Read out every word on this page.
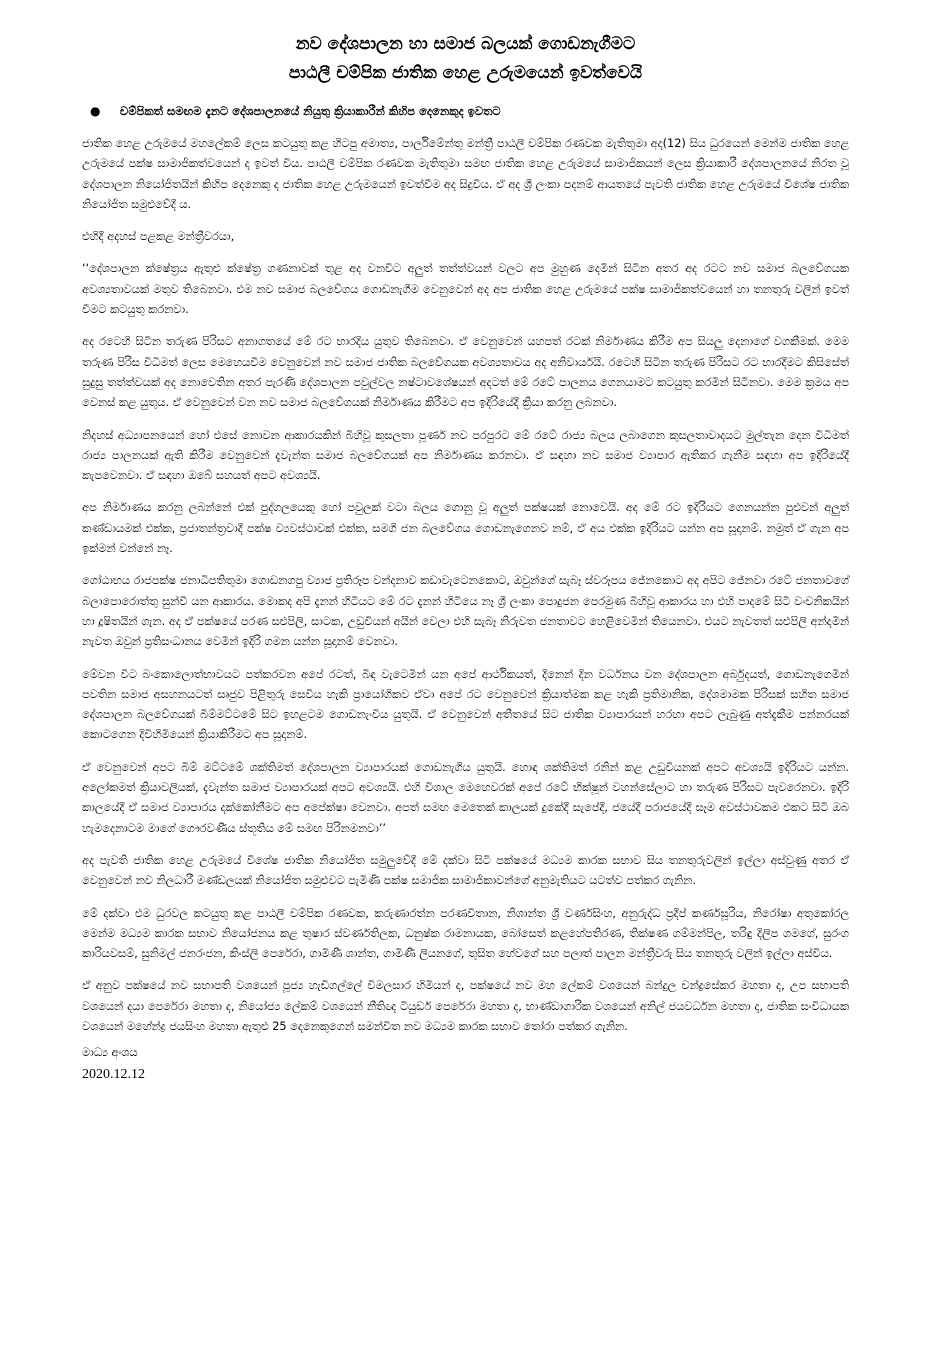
නව දේශපාලන හා සමාජ බලයක් ගොඩනැගීමට
පාඨලී චම්පික ජාතික හෙළ උරුමයෙන් ඉවත්වෙයි
●	චම්පිකත් සමඟම දැනට දේශපාලනයේ නියුතු ක්‍රියාකාරීන් කිහිප දෙනෙකුද ඉවතට

ජාතික හෙළ උරුමයේ මහලේකම් ලෙස කටයුතු කළ හිටපු අමාත්‍ය, පාර්ලිමේන්තු මන්ත්‍රී පාඨලී චම්පික රණවක මැතිතුමා අද(12) සිය ධුරයෙන් මෙන්ම ජාතික හෙළ උරුමයේ පක්ෂ සාමාජිකත්වයෙන් ද ඉවත් විය. පාඨලී චම්පික රණවක මැතිතුමා සමඟ ජාතික හෙළ උරුමයේ සාමාජිකයන් ලෙස ක්‍රියාකාරී දේශපාලනයේ නිරත වූ දේශපාලන නියෝජිතයින් කිහිප දෙනෙකු ද ජාතික හෙළ උරුමයෙන් ඉවත්වීම අද සිදුවිය. ඒ අද ශ්‍රී ලංකා පදනම් ආයතයේ පැවති ජාතික හෙළ උරුමයේ විශේෂ ජාතික නියෝජිත සමුළුවේදී ය.

එහිදී අදහස් පළකළ මන්ත්‍රීවරයා,

‘‘දේශපාලන ක්ෂේත්‍රය ඇතුළු ක්ෂේත්‍ර ගණනාවක් තුළ අද වනවිට අලුත් තත්ත්වයන් වලට අප මුහුණ දෙමින් සිටින අතර අද රටට නව සමාජ බලවේගයක අවශ්‍යතාවයක් මතුව තිබෙනවා. එම නව සමාජ බලවේගය ගොඩනැගීම වෙනුවෙන් අද අප ජාතික හෙළ උරුමයේ පක්ෂ සාමාජිකත්වයෙන් හා තනතුරු වලින් ඉවත් වීමට කටයුතු කරනවා.

අද රටෙහි සිටින තරුණ පිරිසට අනාගතයේ මේ රට භාරදිය යුතුව තිබෙනවා. ඒ වෙනුවෙන් යහපත් රටක් නිර්මාණය කිරීම අප සියලු දෙනාගේ වගකීමක්. මෙම තරුණ පිරිස විධිමත් ලෙස මෙහෙයවීම වෙනුවෙන් නව සමාජ ජාතික බලවේගයක අවශ්‍යතාවය අද අනිවාර්යයි. රටෙහි සිටින තරුණ පිරිසට රට භාරදීමට කිසිසේත් සුදුසු තත්ත්වයක් අද නොවෙතින අතර පැරණි දේශපාලන පවුල්වල නෂ්ටාවශේෂයන් අදටත් මේ රටේ පාලනය ගෙනයාමට කටයුතු කරමින් සිටිනවා. මෙම ක්‍රමය අප වෙනස් කළ යුතුය. ඒ වෙනුවෙන් වන නව සමාජ බලවේගයක් නිර්මාණය කිරීමට අප ඉදිරියේදී ක්‍රියා කරනු ලබනවා.

නිදහස් අධ්‍යාපනයෙන් හෝ එසේ නොවන ආකාරයකින් බිහිවූ කුසලතා පූර්ණ නව පරපුරට මේ රටේ රාජ්‍ය බලය ලබාගෙන කුසලතාවාදයට මුල්තැන දෙන විධිමත් රාජ්‍ය පාලනයක් ඇති කිරීම වෙනුවෙන් දැවැන්ත සමාජ බලවේගයක් අප නිර්මාණය කරනවා. ඒ සඳහා නව සමාජ ව්‍යාපාර ඇතිකර ගැනීම සඳහා අප ඉදිරියේදී කැපවෙනවා. ඒ සඳහා ඔබේ සහයත් අපට අවශ්‍යයි.

අප නිර්මාණය කරනු ලබන්නේ එක් පුද්ගලයෙකු හෝ පවුලක් වටා බලය ගොනු වූ අලුත් පක්ෂයක් නොවෙයි. අද මේ රට ඉදිරියට ගෙනයන්න පුළුවන් අලුත් කණ්ඩායමක් එක්ක, ප්‍රජාතන්ත්‍රවාදී පක්ෂ ව්‍යවස්ථාවක් එක්ක, සමගි ජන බලවේගය ගොඩනැගෙනව නම්, ඒ අය එක්ක ඉදිරියට යන්න අප සූදානම්. නමුත් ඒ ගැන අප ඉක්මන් වන්නේ නෑ.

ගෝඨාභය රාජපක්ෂ ජනාධිපතිතුමා ගොඩනගපු ව්‍යාජ ප්‍රතිරූප වන්දනාව කඩාවැටෙනකොට, ඔවුන්ගේ සැබෑ ස්වරූපය ජේනකොට අද අපිට ජේනවා රටේ ජනතාවගේ බලාපොරොත්තු සුන්වී යන ආකාරය. මොකද අපි දැනන් හිටියට මේ රට දැනන් හිටියෙ නෑ ශ්‍රී ලංකා පොදුජන පෙරමුණ බිහිවූ ආකාරය හා එහි පාදමේ සිටි වංචනිකයින් හා දූෂිතයින් ගැන. අද ඒ පක්ෂයේ පරණ සළුපිලි, සාටක, උඩුවියන් අයින් වෙලා එහි සැබෑ නිරුවත ජනතාවට හෙළිවෙමින් තියෙනවා. එයට නැවතත් සළුපිලි අන්දමින් නැවත ඔවුන් ප්‍රතිසංධානය වෙමින් ඉදිරි ගමන යන්න සූදානම් වෙනවා.

මේවන විට බංකොලොත්භාවයට පත්කරවන අපේ රටත්, බිඳ වැටෙමින් යන අපේ ආර්ථිකයත්, දිනෙන් දින වර්ධනය වන දේශපාලන අර්බුදයත්, ගොඩනැගෙමින් පවතින සමාජ අසහනයටත් සෘජුව පිළිතුරු සෙවිය හැකි ප්‍රායෝගිකව ඒවා අපේ රට වෙනුවෙන් ක්‍රියාත්මක කළ හැකි ප්‍රතිමානික, දේශමාමක පිරිසක් සහිත සමාජ දේශපාලන බලවේගයක් බිම්මට්ටමේ සිට ඉහළටම ගොඩනැංවිය යුතුයි. ඒ වෙනුවෙන් අතීතයේ සිට ජාතික ව්‍යාපාරයන් හරහා අපට ලැබුණු අත්දැකීම පන්නරයක් කොටගෙන දිවිහිමියෙන් ක්‍රියාකිරීමට අප සූදානම්.

ඒ වෙනුවෙන් අපට බිම් මට්ටමේ ශක්තිමත් දේශපාලන ව්‍යාපාරයක් ගොඩනැගිය යුතුයි. හොඳ ශක්තිමත් රනින් කළ උඩුවියනක් අපට අවශ්‍යයි ඉදිරියට යන්න. අලෝකමත් ක්‍රියාවලියක්, දැවැන්ත සමාජ ව්‍යාපාරයක් අපට අවශ්‍යයි. එහි විශාල මෙහෙවරක් අපේ රටේ භික්ෂූන් වහන්සේලාට හා තරුණ පිරිසට පැවරෙනවා. ඉදිරි කාලයේදී ඒ සමාජ ව්‍යාපාරය දක්කෝ‍නීමට අප අපේක්ෂා වෙනවා. අපත් සමඟ මෙතෙක් කාලයක් දුකේදී සැපේදී, ජයේදී පරාජයේදී සෑම අවස්ථාවකම එකට සිටි ඔබ හැමදෙනාටම මාගේ ගෞරවණීය ස්තූතිය මේ සමඟ පිරිනමනවා’’

අද පැවති ජාතික හෙළ උරුමයේ විශේෂ ජාතික නියෝජිත සමුලුවේදී මේ දක්වා සිටි පක්ෂයේ මධ්‍යම කාරක සභාව සිය තනතුරුවලින් ඉල්ලා අස්වුණු අතර ඒ වෙනුවෙන් නව නිලධාරී මණ්ඩලයක් නියෝජිත සමුළුවට පැමිණි පක්ෂ සමාජික සාමාජිකාවන්ගේ අනුමැතියට යටත්ව පත්කර ගැනින.

මේ දක්වා එම ධුරවල කටයුතු කළ පාඨලී චම්පික රණවක, කරුණාරත්න පරණවිතාන, නිශාන්ත ශ්‍රී වර්ණසිංහ, අනුරුද්ධ ප්‍රදීප් කර්ණසූරිය, නිරෝෂා අතුකෝරල මෙන්ම මධ්‍යම කාරක සභාව නියෝජනය කළ තුෂාර ස්වර්ණතිලක, ධනුෂ්ක රාමනායක, බෝසෙත් කළහේපතිරණ, තික්ෂණ ගම්මන්පිල, තරිඳු දිලිප ගමගේ, සුරංග කාරියවසම්, සුනිමල් ජනරංජන, කිංස්ලි පෙරේරා, ගාමිණී ශාන්ත, ගාමිණී ලියනගේ, තුසිත හේවගේ සහ පලාත් පාලන මන්ත්‍රීවරු සිය තනතුරු වලින් ඉල්ලා අස්විය.

ඒ අනුව පක්ෂයේ නව සභාපති වශයෙන් පූජ්‍ය හැඩිගල්ලේ විමලසාර හිමියන් ද, පක්ෂයේ නව මහ ලේකම් වශයෙන් බන්දුල චන්ද්‍රසේකර මහතා ද, උප සභාපති වශයෙන් දයා පෙරේරා මහතා ද, නියෝජ්‍ය ලේකම් වශයෙන් නීතිඥ ටියුඩර් පෙරේරා මහතා ද, භාණ්ඩාගාරික වශයෙන් අනිල් ජයවර්ධන මහතා ද, ජාතික සංවිධායක වශයෙන් මහේන්ද්‍ර ජයසිංහ මහතා ඇතුළු 25 දෙනෙකුගෙන් සමන්විත නව මධ්‍යම කාරක සභාව තෝරා පත්කර ගැනින.

මාධ්‍ය අංශය
2020.12.12
